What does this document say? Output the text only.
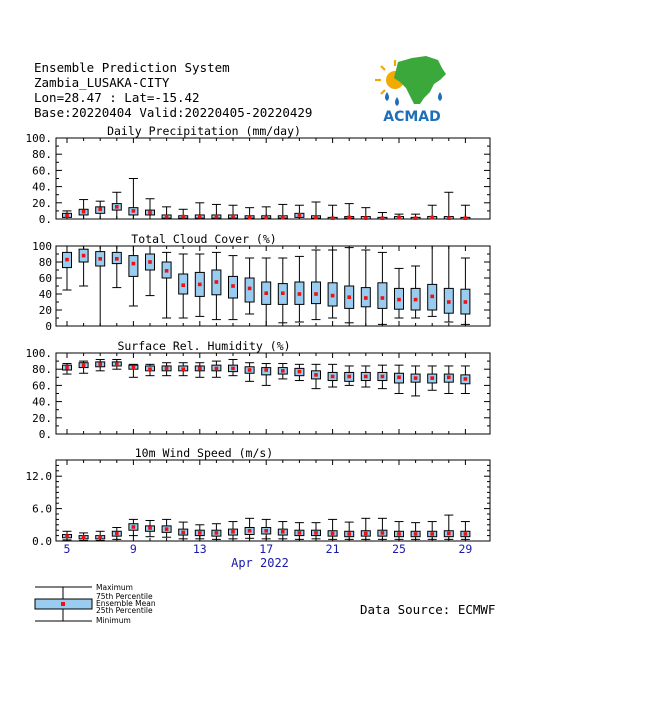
Ensemble Prediction System
Zambia_LUSAKA-CITY
Lon=28.47 : Lat=-15.42
Base:20220404 Valid:20220405-20220429	ACMAD
0.
20.
40.
60.
80.
100.
Daily Precipitation (mm/day)
0
20
40
60
80
100
Total Cloud Cover (%)
0.
20.
40.
60.
80.
100.
Surface Rel. Humidity (%)
0.0
6.0
12.0
10m Wind Speed (m/s)
5	9	13	17	21	25	29
Apr 2022
Maximum
75th Percentile
Ensemble Mean
25th Percentile
Minimum
Data Source: ECMWF
